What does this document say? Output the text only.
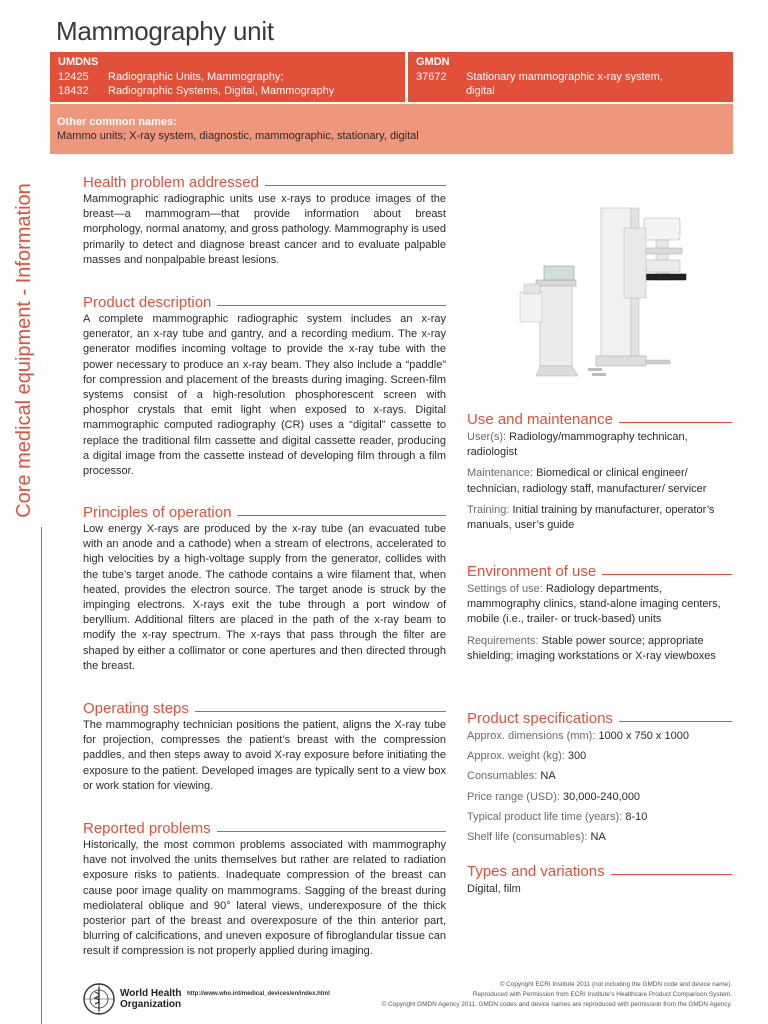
Mammography unit
UMDNS
12425	Radiographic Units, Mammography;
18432	Radiographic Systems, Digital, Mammography
GMDN
37672	Stationary mammographic x-ray system,
digital
Other common names:
Mammo units; X-ray system, diagnostic, mammographic, stationary, digital
Core medical equipment - Information
Health problem addressed
Mammographic radiographic units use x-rays to produce images of the breast—a mammogram—that provide information about breast morphology, normal anatomy, and gross pathology. Mammography is used primarily to detect and diagnose breast cancer and to evaluate palpable masses and nonpalpable breast lesions.
Product description
A complete mammographic radiographic system includes an x-ray generator, an x-ray tube and gantry, and a recording medium. The x-ray generator modifies incoming voltage to provide the x-ray tube with the power necessary to produce an x-ray beam. They also include a “paddle” for compression and placement of the breasts during imaging. Screen-film systems consist of a high-resolution phosphorescent screen with phosphor crystals that emit light when exposed to x-rays. Digital mammographic computed radiography (CR) uses a “digital” cassette to replace the traditional film cassette and digital cassette reader, producing a digital image from the cassette instead of developing film through a film processor.
Principles of operation
Low energy X-rays are produced by the x-ray tube (an evacuated tube with an anode and a cathode) when a stream of electrons, accelerated to high velocities by a high-voltage supply from the generator, collides with the tube’s target anode. The cathode contains a wire filament that, when heated, provides the electron source. The target anode is struck by the impinging electrons. X-rays exit the tube through a port window of beryllium. Additional filters are placed in the path of the x-ray beam to modify the x-ray spectrum. The x-rays that pass through the filter are shaped by either a collimator or cone apertures and then directed through the breast.
Operating steps
The mammography technician positions the patient, aligns the X-ray tube for projection, compresses the patient’s breast with the compression paddles, and then steps away to avoid X-ray exposure before initiating the exposure to the patient. Developed images are typically sent to a view box or work station for viewing.
Reported problems
Historically, the most common problems associated with mammography have not involved the units themselves but rather are related to radiation exposure risks to patients. Inadequate compression of the breast can cause poor image quality on mammograms. Sagging of the breast during mediolateral oblique and 90° lateral views, underexposure of the thick posterior part of the breast and overexposure of the thin anterior part, blurring of calcifications, and uneven exposure of fibroglandular tissue can result if compression is not properly applied during imaging.
Use and maintenance
User(s): Radiology/mammography technican, radiologist
Maintenance: Biomedical or clinical engineer/ technician, radiology staff, manufacturer/ servicer
Training: Initial training by manufacturer, operator’s manuals, user’s guide
Environment of use
Settings of use: Radiology departments, mammography clinics, stand-alone imaging centers, mobile (i.e., trailer- or truck-based) units
Requirements: Stable power source; appropriate shielding; imaging workstations or X-ray viewboxes
Product specifications
Approx. dimensions (mm): 1000 x 750 x 1000
Approx. weight (kg): 300
Consumables: NA
Price range (USD): 30,000-240,000
Typical product life time (years): 8-10
Shelf life (consumables): NA
Types and variations
Digital, film
World Health
Organization
http://www.who.int/medical_devices/en/index.html
© Copyright ECRI Institute 2011 (not including the GMDN code and device name).
Reproduced with Permission from ECRI Institute’s Healthcare Product Comparison System.
© Copyright GMDN Agency 2011. GMDN codes and device names are reproduced with permission from the GMDN Agency.
